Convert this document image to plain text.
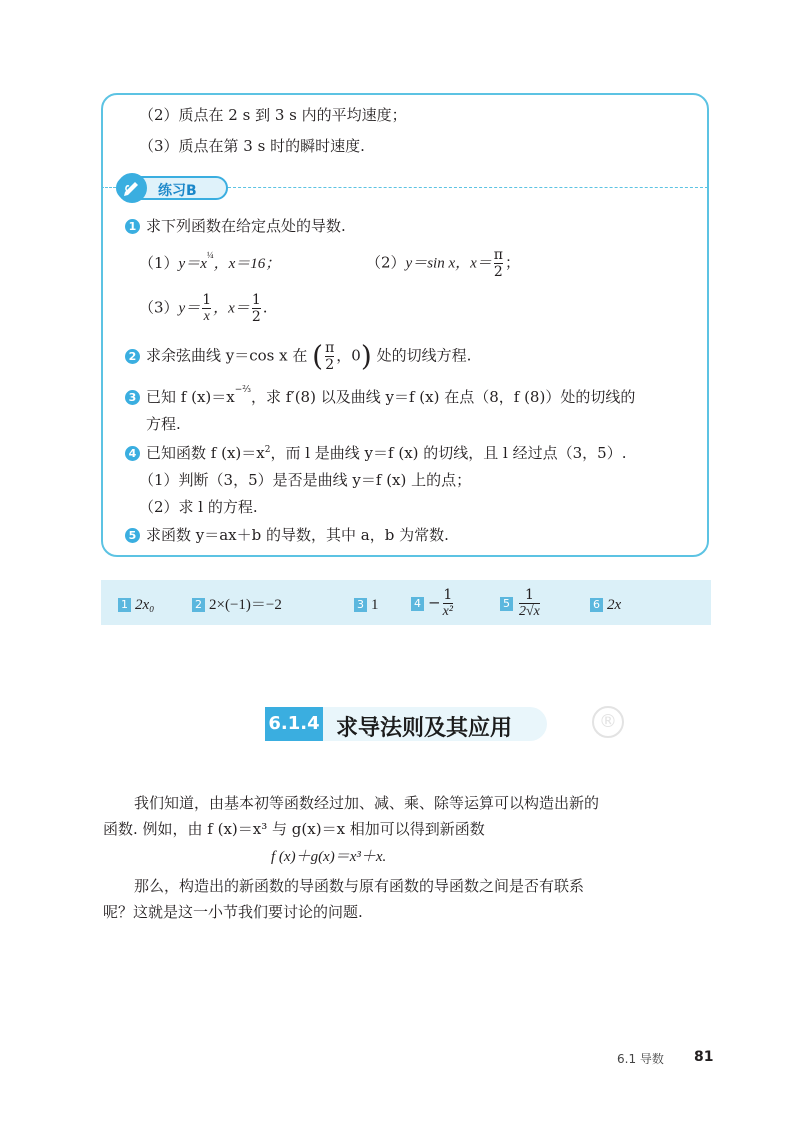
（2）质点在 2 s 到 3 s 内的平均速度；
（3）质点在第 3 s 时的瞬时速度.
练习B
1 求下列函数在给定点处的导数.
$(1)y=x^{\frac{1}{4}}$，x＝16；	（2）y＝sin x，$x= \frac{\pi}{2}$ ；
$(3)y= \frac{1}{x}$ ，$x= \frac{1}{2}$ .
2 求余弦曲线 y＝cos x 在 ( $\frac{\pi}{2}$ ，0) 处的切线方程.
3 已知 f $(x)=x^{-\frac{2}{3}}$，求 f′(8) 以及曲线 y＝f (x) 在点（8，f (8)）处的切线的
方程.
4 已知函数 f $(x)=x^2$，而 l 是曲线 y＝f (x) 的切线，且 l 经过点（3，5）.
（1）判断（3，5）是否是曲线 y＝f (x) 上的点；
（2）求 l 的方程.
5 求函数 y＝ax＋b 的导数，其中 a，b 为常数.
1 2x₀	2 2×(−1)＝−2	3 1	$4 - \frac{1}{\text{x²}}$	$5 \frac{1}{2√x}$	6 2x
6.1.4 求导法则及其应用	®
我们知道，由基本初等函数经过加、减、乘、除等运算可以构造出新的
函数. 例如，由 f (x)＝x³ 与 g(x)＝x 相加可以得到新函数
f (x)＋g(x)＝x³＋x.
那么，构造出的新函数的导函数与原有函数的导函数之间是否有联系
呢？这就是这一小节我们要讨论的问题.
6.1 导数 81
